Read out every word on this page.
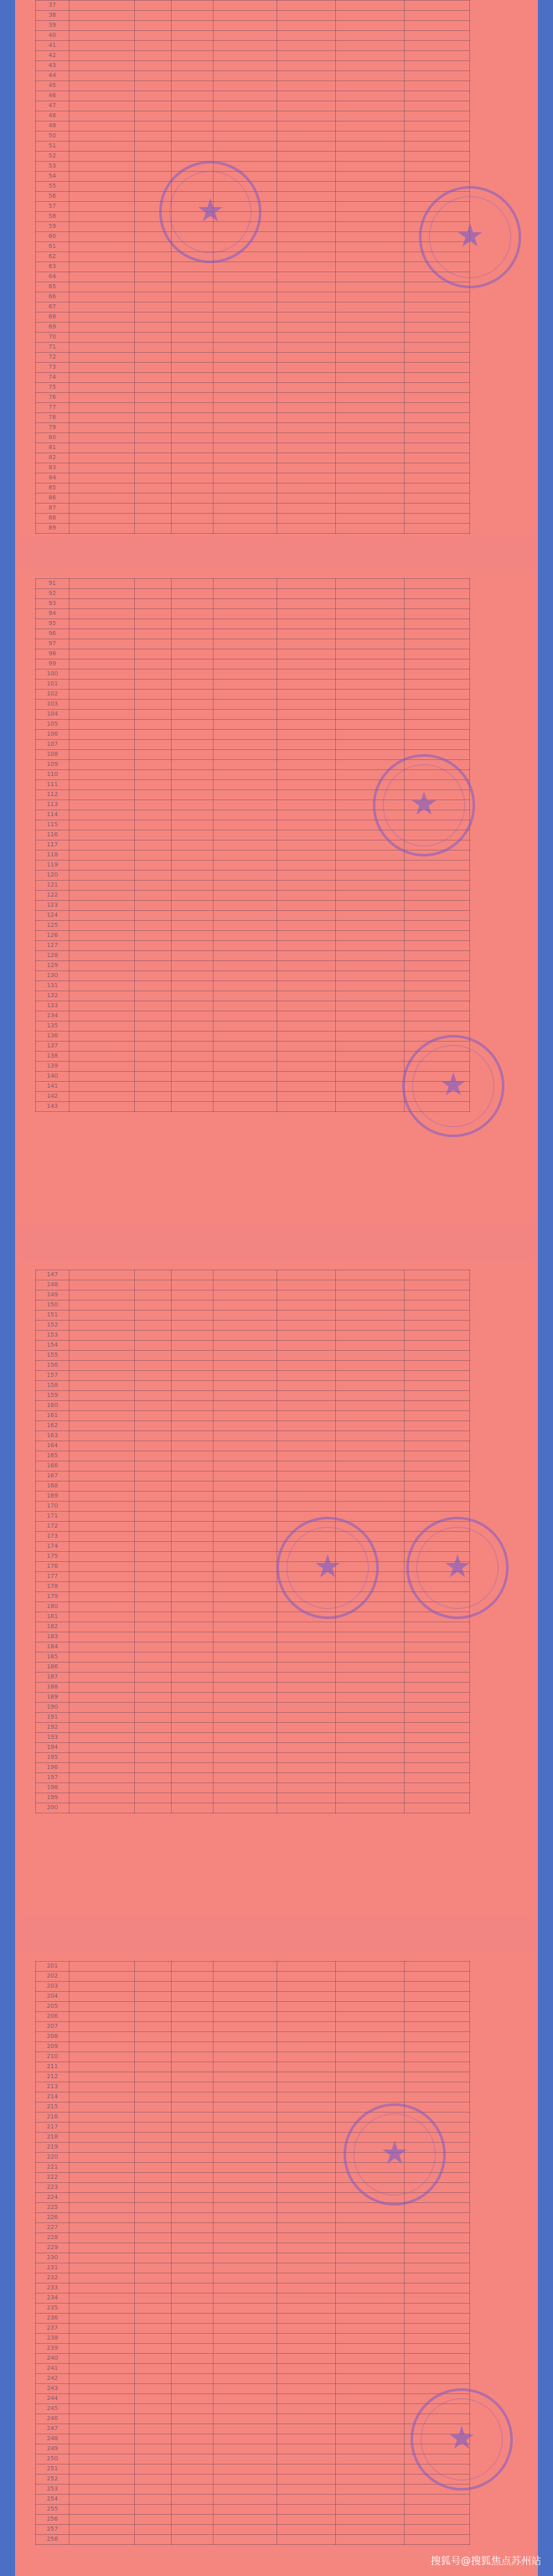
37							
38							
39							
40							
41							
42							
43							
44							
45							
46							
47							
48							
49							
50							
51							
52							
53							
54							
55							
56							
57							
58							
59							
60							
61							
62							
63							
64							
65							
66							
67							
68							
69							
70							
71							
72							
73							
74							
75							
76							
77							
78							
79							
80							
81							
82							
83							
84							
85							
86							
87							
88							
89							
91							
92							
93							
94							
95							
96							
97							
98							
99							
100							
101							
102							
103							
104							
105							
106							
107							
108							
109							
110							
111							
112							
113							
114							
115							
116							
117							
118							
119							
120							
121							
122							
123							
124							
125							
126							
127							
128							
129							
130							
131							
132							
133							
134							
135							
136							
137							
138							
139							
140							
141							
142							
143							
147							
148							
149							
150							
151							
152							
153							
154							
155							
156							
157							
158							
159							
160							
161							
162							
163							
164							
165							
166							
167							
168							
169							
170							
171							
172							
173							
174							
175							
176							
177							
178							
179							
180							
181							
182							
183							
184							
185							
186							
187							
188							
189							
190							
191							
192							
193							
194							
195							
196							
197							
198							
199							
200							
201							
202							
203							
204							
205							
206							
207							
208							
209							
210							
211							
212							
213							
214							
215							
216							
217							
218							
219							
220							
221							
222							
223							
224							
225							
226							
227							
228							
229							
230							
231							
232							
233							
234							
235							
236							
237							
238							
239							
240							
241							
242							
243							
244							
245							
246							
247							
248							
249							
250							
251							
252							
253							
254							
255							
256							
257							
258							
★
★
★
★
★	★
★
★
搜狐号@搜狐焦点苏州站
